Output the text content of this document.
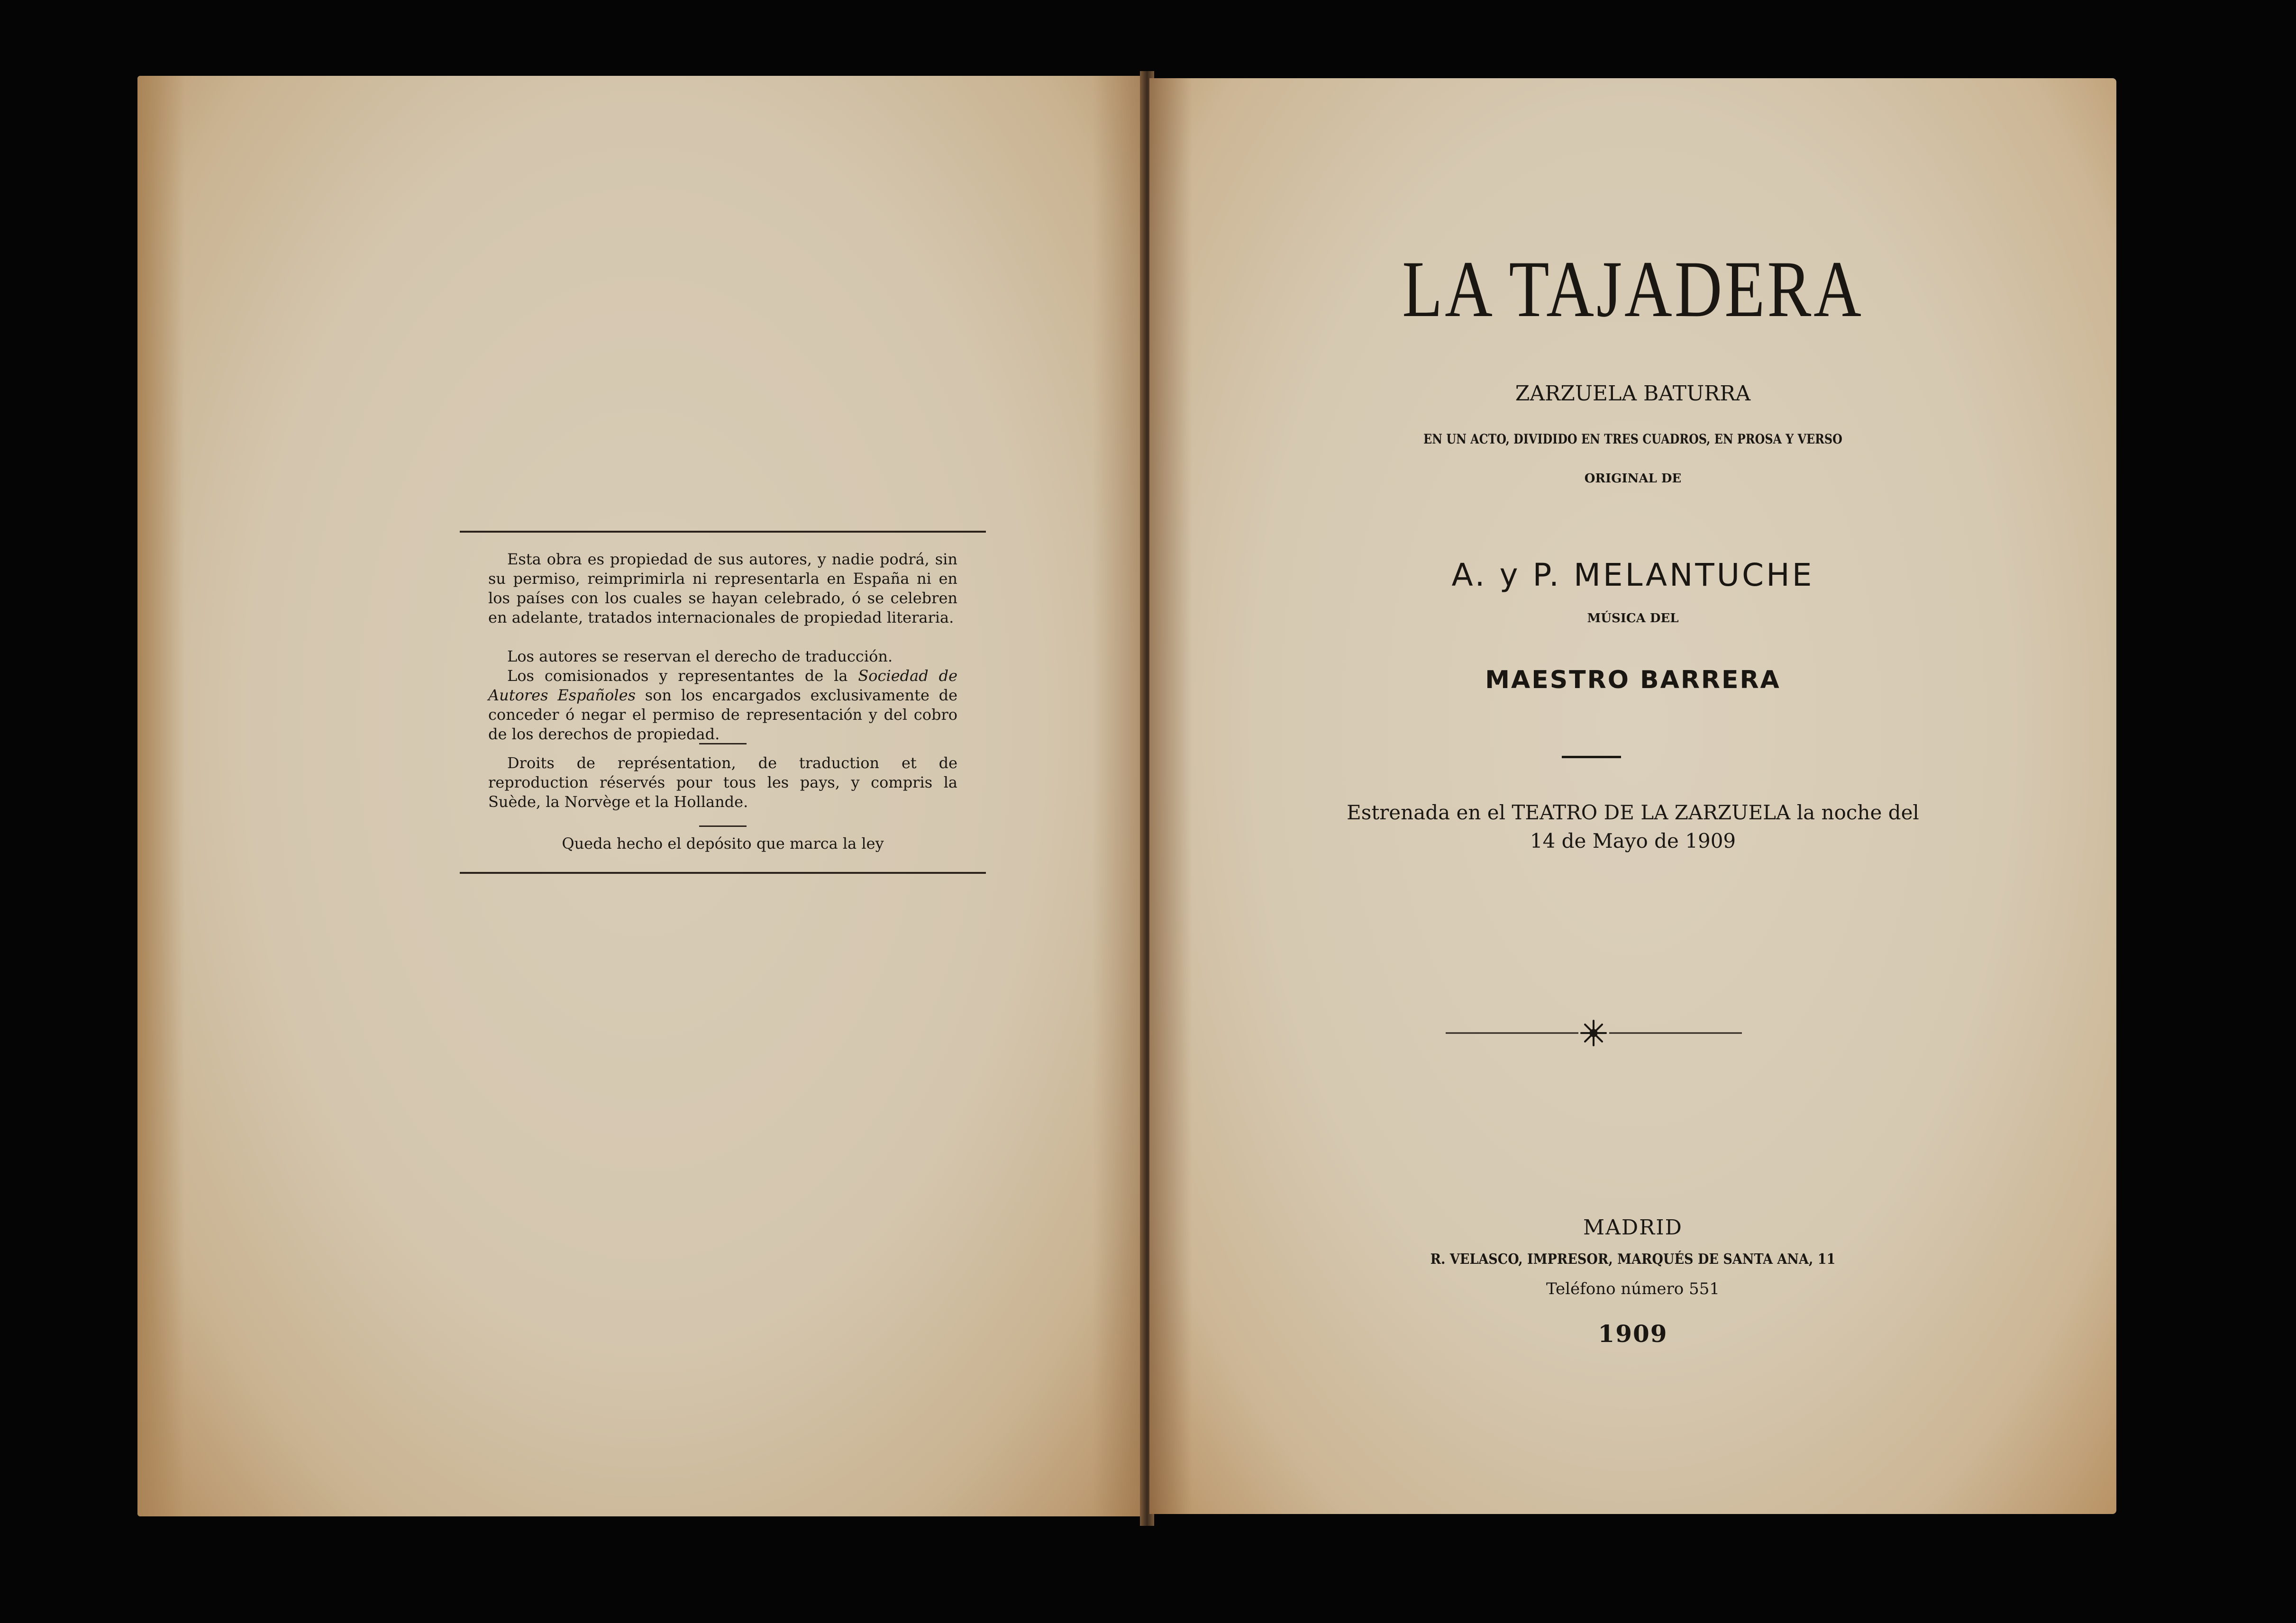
Esta obra es propiedad de sus autores, y nadie podrá, sin su permiso, reimprimirla ni representarla en España ni en los países con los cuales se hayan celebrado, ó se celebren en adelante, tratados internacionales de propiedad literaria.

Los autores se reservan el derecho de traducción.

Los comisionados y representantes de la Sociedad de Autores Españoles son los encargados exclusivamente de conceder ó negar el permiso de representación y del cobro de los derechos de propiedad.

Droits de représentation, de traduction et de reproduction réservés pour tous les pays, y compris la Suède, la Norvège et la Hollande.

Queda hecho el depósito que marca la ley

LA TAJADERA

ZARZUELA BATURRA

EN UN ACTO, DIVIDIDO EN TRES CUADROS, EN PROSA Y VERSO

ORIGINAL DE

A. y P. MELANTUCHE

MÚSICA DEL

MAESTRO BARRERA

Estrenada en el TEATRO DE LA ZARZUELA la noche del

14 de Mayo de 1909

MADRID

R. VELASCO, IMPRESOR, MARQUÉS DE SANTA ANA, 11

Teléfono número 551

1909
